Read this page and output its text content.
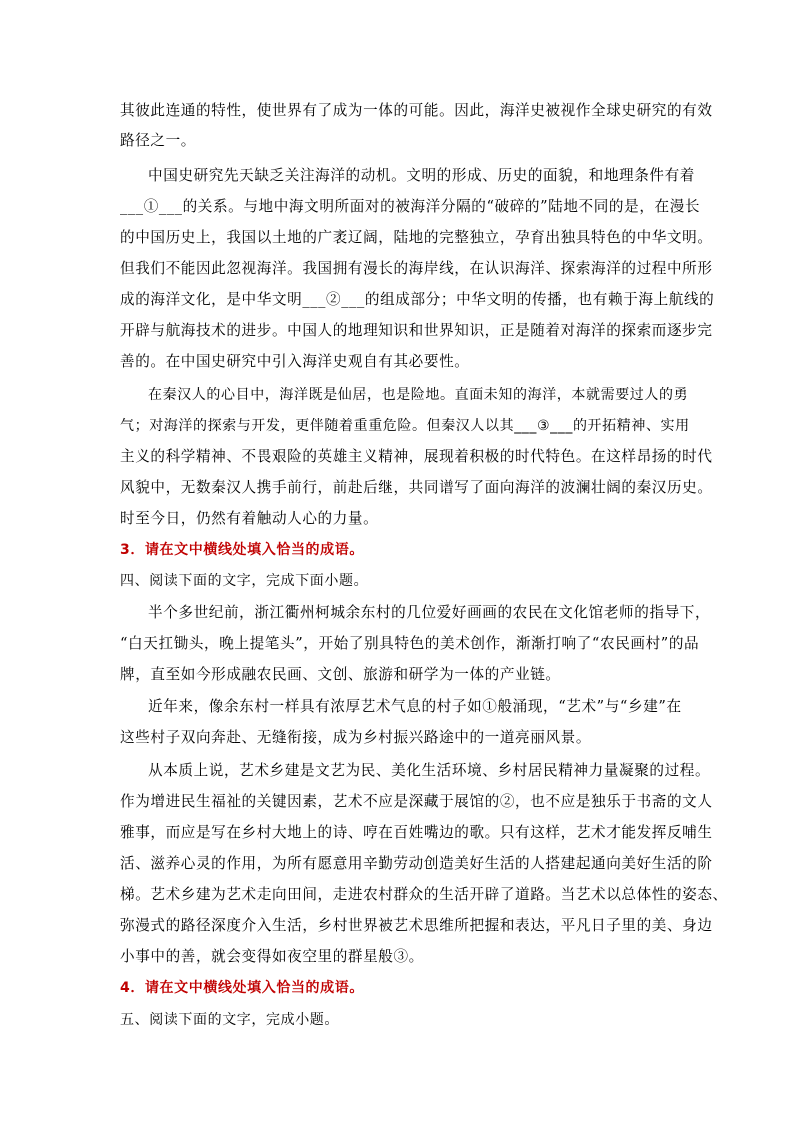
其彼此连通的特性，使世界有了成为一体的可能。因此，海洋史被视作全球史研究的有效
路径之一。
中国史研究先天缺乏关注海洋的动机。文明的形成、历史的面貌，和地理条件有着
___①___的关系。与地中海文明所面对的被海洋分隔的“破碎的”陆地不同的是，在漫长
的中国历史上，我国以土地的广袤辽阔，陆地的完整独立，孕育出独具特色的中华文明。
但我们不能因此忽视海洋。我国拥有漫长的海岸线，在认识海洋、探索海洋的过程中所形
成的海洋文化，是中华文明___②___的组成部分；中华文明的传播，也有赖于海上航线的
开辟与航海技术的进步。中国人的地理知识和世界知识，正是随着对海洋的探索而逐步完
善的。在中国史研究中引入海洋史观自有其必要性。
在秦汉人的心目中，海洋既是仙居，也是险地。直面未知的海洋，本就需要过人的勇
气；对海洋的探索与开发，更伴随着重重危险。但秦汉人以其___③___的开拓精神、实用
主义的科学精神、不畏艰险的英雄主义精神，展现着积极的时代特色。在这样昂扬的时代
风貌中，无数秦汉人携手前行，前赴后继，共同谱写了面向海洋的波澜壮阔的秦汉历史。
时至今日，仍然有着触动人心的力量。
3．请在文中横线处填入恰当的成语。
四、阅读下面的文字，完成下面小题。
半个多世纪前，浙江衢州柯城余东村的几位爱好画画的农民在文化馆老师的指导下，
“白天扛锄头，晚上提笔头”，开始了别具特色的美术创作，渐渐打响了“农民画村”的品
牌，直至如今形成融农民画、文创、旅游和研学为一体的产业链。
近年来，像余东村一样具有浓厚艺术气息的村子如①般涌现，“艺术”与“乡建”在
这些村子双向奔赴、无缝衔接，成为乡村振兴路途中的一道亮丽风景。
从本质上说，艺术乡建是文艺为民、美化生活环境、乡村居民精神力量凝聚的过程。
作为增进民生福祉的关键因素，艺术不应是深藏于展馆的②，也不应是独乐于书斋的文人
雅事，而应是写在乡村大地上的诗、哼在百姓嘴边的歌。只有这样，艺术才能发挥反哺生
活、滋养心灵的作用，为所有愿意用辛勤劳动创造美好生活的人搭建起通向美好生活的阶
梯。艺术乡建为艺术走向田间，走进农村群众的生活开辟了道路。当艺术以总体性的姿态、
弥漫式的路径深度介入生活，乡村世界被艺术思维所把握和表达，平凡日子里的美、身边
小事中的善，就会变得如夜空里的群星般③。
4．请在文中横线处填入恰当的成语。
五、阅读下面的文字，完成小题。
